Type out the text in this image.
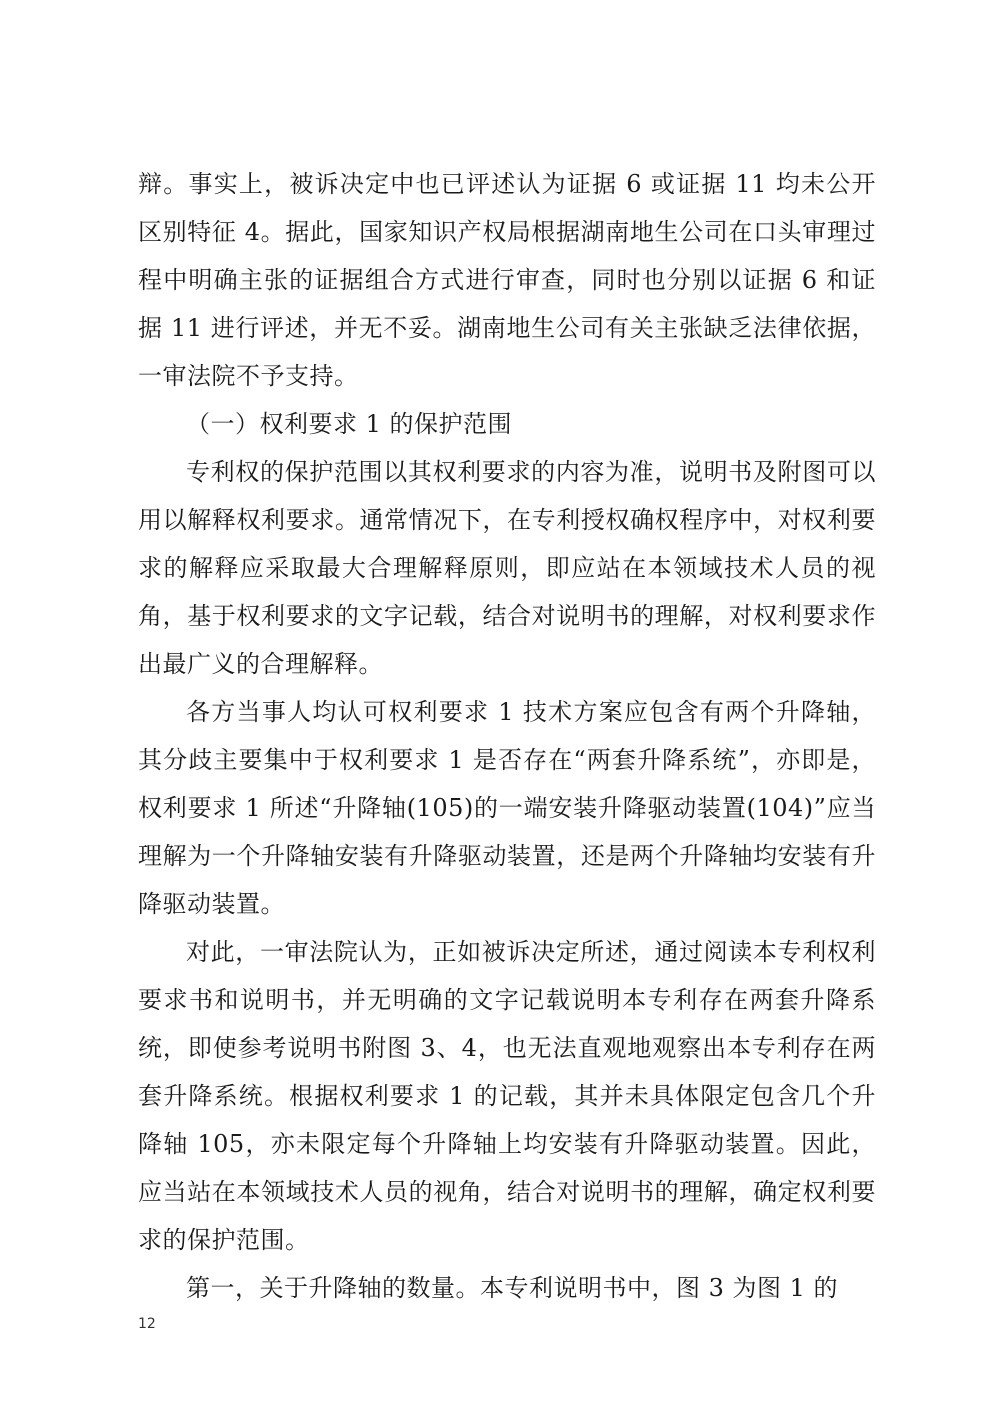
辩。事实上，被诉决定中也已评述认为证据 6 或证据 11 均未公开区别特征 4。据此，国家知识产权局根据湖南地生公司在口头审理过程中明确主张的证据组合方式进行审查，同时也分别以证据 6 和证据 11 进行评述，并无不妥。湖南地生公司有关主张缺乏法律依据，一审法院不予支持。

（一）权利要求 1 的保护范围

专利权的保护范围以其权利要求的内容为准，说明书及附图可以用以解释权利要求。通常情况下，在专利授权确权程序中，对权利要求的解释应采取最大合理解释原则，即应站在本领域技术人员的视角，基于权利要求的文字记载，结合对说明书的理解，对权利要求作出最广义的合理解释。

各方当事人均认可权利要求 1 技术方案应包含有两个升降轴，其分歧主要集中于权利要求 1 是否存在“两套升降系统”，亦即是，权利要求 1 所述“升降轴(105)的一端安装升降驱动装置(104)”应当理解为一个升降轴安装有升降驱动装置，还是两个升降轴均安装有升降驱动装置。

对此，一审法院认为，正如被诉决定所述，通过阅读本专利权利要求书和说明书，并无明确的文字记载说明本专利存在两套升降系统，即使参考说明书附图 3、4，也无法直观地观察出本专利存在两套升降系统。根据权利要求 1 的记载，其并未具体限定包含几个升降轴 105，亦未限定每个升降轴上均安装有升降驱动装置。因此，应当站在本领域技术人员的视角，结合对说明书的理解，确定权利要求的保护范围。

第一，关于升降轴的数量。本专利说明书中，图 3 为图 1 的

12
